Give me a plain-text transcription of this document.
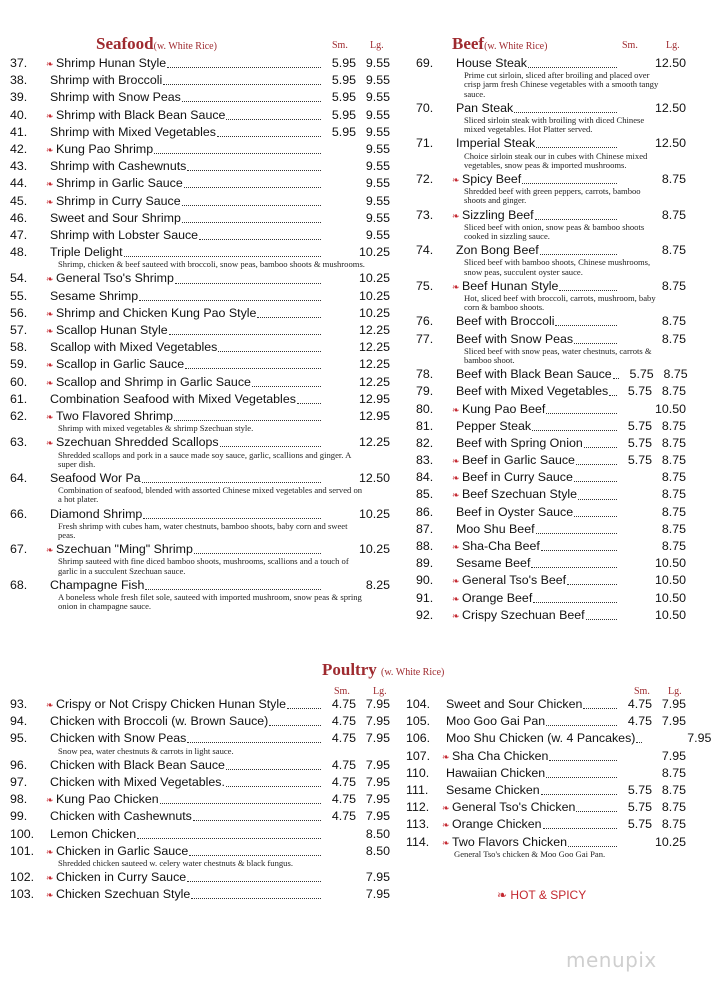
Seafood(w. White Rice)	Sm. Lg.
37.	❧ Shrimp Hunan Style	5.95 9.55
38.	Shrimp with Broccoli	5.95 9.55
39.	Shrimp with Snow Peas	5.95 9.55
40.	❧ Shrimp with Black Bean Sauce	5.95 9.55
41.	Shrimp with Mixed Vegetables	5.95 9.55
42.	❧ Kung Pao Shrimp	9.55
43.	Shrimp with Cashewnuts	9.55
44.	❧ Shrimp in Garlic Sauce	9.55
45.	❧ Shrimp in Curry Sauce	9.55
46.	Sweet and Sour Shrimp	9.55
47.	Shrimp with Lobster Sauce	9.55
48.	Triple Delight	10.25
Shrimp, chicken & beef sauteed with broccoli, snow peas, bamboo shoots & mushrooms.
54.	❧ General Tso's Shrimp	10.25
55.	Sesame Shrimp	10.25
56.	❧ Shrimp and Chicken Kung Pao Style	10.25
57.	❧ Scallop Hunan Style	12.25
58.	Scallop with Mixed Vegetables	12.25
59.	❧ Scallop in Garlic Sauce	12.25
60.	❧ Scallop and Shrimp in Garlic Sauce	12.25
61.	Combination Seafood with Mixed Vegetables	12.95
62.	❧ Two Flavored Shrimp	12.95
Shrimp with mixed vegetables & shrimp Szechuan style.
63.	❧ Szechuan Shredded Scallops	12.25
Shredded scallops and pork in a sauce made soy sauce, garlic, scallions and ginger. A super dish.
64.	Seafood Wor Pa	12.50
Combination of seafood, blended with assorted Chinese mixed vegetables and served on a hot plater.
66.	Diamond Shrimp	10.25
Fresh shrimp with cubes ham, water chestnuts, bamboo shoots, baby corn and sweet peas.
67.	❧ Szechuan "Ming" Shrimp	10.25
Shrimp sauteed with fine diced bamboo shoots, mushrooms, scallions and a touch of garlic in a succulent Szechuan sauce.
68.	Champagne Fish	8.25
A boneless whole fresh filet sole, sauteed with imported mushroom, snow peas & spring onion in champagne sauce.
Beef(w. White Rice)	Sm.	Lg.
69.	House Steak	12.50
Prime cut sirloin, sliced after broiling and placed over crisp jarm fresh Chinese vegetables with a smooth tangy sauce.
70.	Pan Steak	12.50
Sliced sirloin steak with broiling with diced Chinese mixed vegetables. Hot Platter served.
71.	Imperial Steak	12.50
Choice sirloin steak our in cubes with Chinese mixed vegetables, snow peas & imported mushrooms.
72.	❧ Spicy Beef	8.75
Shredded beef with green peppers, carrots, bamboo shoots and ginger.
73.	❧ Sizzling Beef	8.75
Sliced beef with onion, snow peas & bamboo shoots cooked in sizzling sauce.
74.	Zon Bong Beef	8.75
Sliced beef with bamboo shoots, Chinese mushrooms, snow peas, succulent oyster sauce.
75.	❧ Beef Hunan Style	8.75
Hot, sliced beef with broccoli, carrots, mushroom, baby corn & bamboo shoots.
76.	Beef with Broccoli	8.75
77.	Beef with Snow Peas	8.75
Sliced beef with snow peas, water chestnuts, carrots & bamboo shoot.
78.	Beef with Black Bean Sauce	5.75 8.75
79.	Beef with Mixed Vegetables	5.75 8.75
80.	❧ Kung Pao Beef	10.50
81.	Pepper Steak	5.75 8.75
82.	Beef with Spring Onion	5.75 8.75
83.	❧ Beef in Garlic Sauce	5.75 8.75
84.	❧ Beef in Curry Sauce	8.75
85.	❧ Beef Szechuan Style	8.75
86.	Beef in Oyster Sauce	8.75
87.	Moo Shu Beef	8.75
88.	❧ Sha-Cha Beef	8.75
89.	Sesame Beef	10.50
90.	❧ General Tso's Beef	10.50
91.	❧ Orange Beef	10.50
92.	❧ Crispy Szechuan Beef	10.50
Poultry (w. White Rice)
Sm. Lg.	Sm. Lg.
93.	❧ Crispy or Not Crispy Chicken Hunan Style	4.75 7.95
94.	Chicken with Broccoli (w. Brown Sauce)	4.75 7.95
95.	Chicken with Snow Peas	4.75 7.95
Snow pea, water chestnuts & carrots in light sauce.
96.	Chicken with Black Bean Sauce	4.75 7.95
97.	Chicken with Mixed Vegetables.	4.75 7.95
98.	❧ Kung Pao Chicken	4.75 7.95
99.	Chicken with Cashewnuts	4.75 7.95
100.	Lemon Chicken	8.50
101.	❧ Chicken in Garlic Sauce	8.50
Shredded chicken sauteed w. celery water chestnuts & black fungus.
102.	❧ Chicken in Curry Sauce	7.95
103.	❧ Chicken Szechuan Style	7.95
104.	Sweet and Sour Chicken	4.75 7.95
105.	Moo Goo Gai Pan	4.75 7.95
106.	Moo Shu Chicken (w. 4 Pancakes)	7.95
107.	❧ Sha Cha Chicken	7.95
110.	Hawaiian Chicken	8.75
111.	Sesame Chicken	5.75 8.75
112.	❧ General Tso's Chicken	5.75 8.75
113.	❧ Orange Chicken	5.75 8.75
114.	❧ Two Flavors Chicken	10.25
General Tso's chicken & Moo Goo Gai Pan.
❧ HOT & SPICY
menupix
